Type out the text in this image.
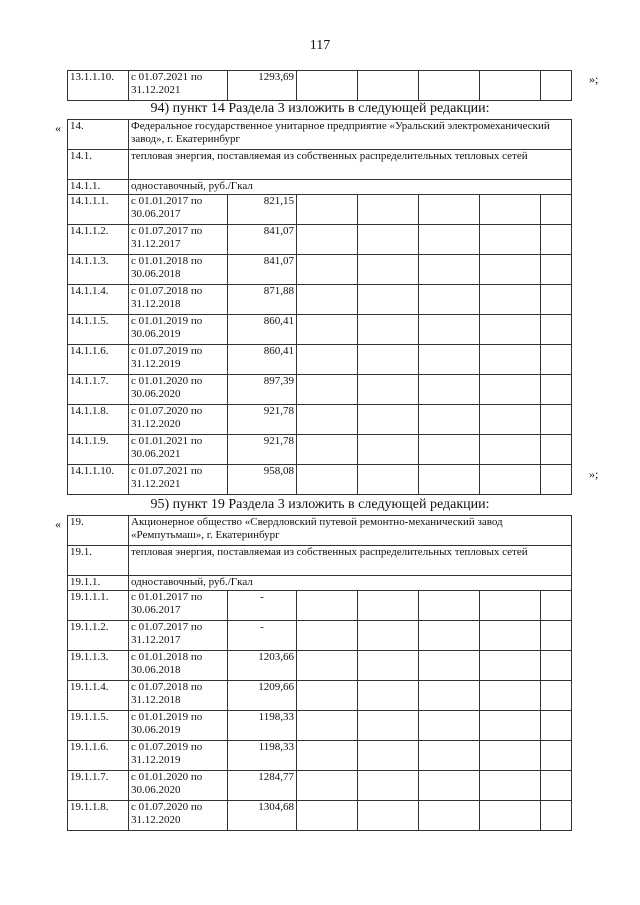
117
13.1.1.10.	с 01.07.2021 по 31.12.2021	1293,69						»;
94) пункт 14 Раздела 3 изложить в следующей редакции:
« 14.	Федеральное государственное унитарное предприятие «Уральский электромеханический завод», г. Екатеринбург						
14.1.	тепловая энергия, поставляемая из собственных распределительных тепловых сетей						
14.1.1.	одноставочный, руб./Гкал						
14.1.1.1.	с 01.01.2017 по 30.06.2017	821,15					
14.1.1.2.	с 01.07.2017 по 31.12.2017	841,07					
14.1.1.3.	с 01.01.2018 по 30.06.2018	841,07					
14.1.1.4.	с 01.07.2018 по 31.12.2018	871,88					
14.1.1.5.	с 01.01.2019 по 30.06.2019	860,41					
14.1.1.6.	с 01.07.2019 по 31.12.2019	860,41					
14.1.1.7.	с 01.01.2020 по 30.06.2020	897,39					
14.1.1.8.	с 01.07.2020 по 31.12.2020	921,78					
14.1.1.9.	с 01.01.2021 по 30.06.2021	921,78					
14.1.1.10.	с 01.07.2021 по 31.12.2021	958,08						»;
95) пункт 19 Раздела 3 изложить в следующей редакции:
« 19.	Акционерное общество «Свердловский путевой ремонтно-механический завод «Ремпутьмаш», г. Екатеринбург						
19.1.	тепловая энергия, поставляемая из собственных распределительных тепловых сетей						
19.1.1.	одноставочный, руб./Гкал						
19.1.1.1.	с 01.01.2017 по 30.06.2017	-					
19.1.1.2.	с 01.07.2017 по 31.12.2017	-					
19.1.1.3.	с 01.01.2018 по 30.06.2018	1203,66					
19.1.1.4.	с 01.07.2018 по 31.12.2018	1209,66					
19.1.1.5.	с 01.01.2019 по 30.06.2019	1198,33					
19.1.1.6.	с 01.07.2019 по 31.12.2019	1198,33					
19.1.1.7.	с 01.01.2020 по 30.06.2020	1284,77					
19.1.1.8.	с 01.07.2020 по 31.12.2020	1304,68					
